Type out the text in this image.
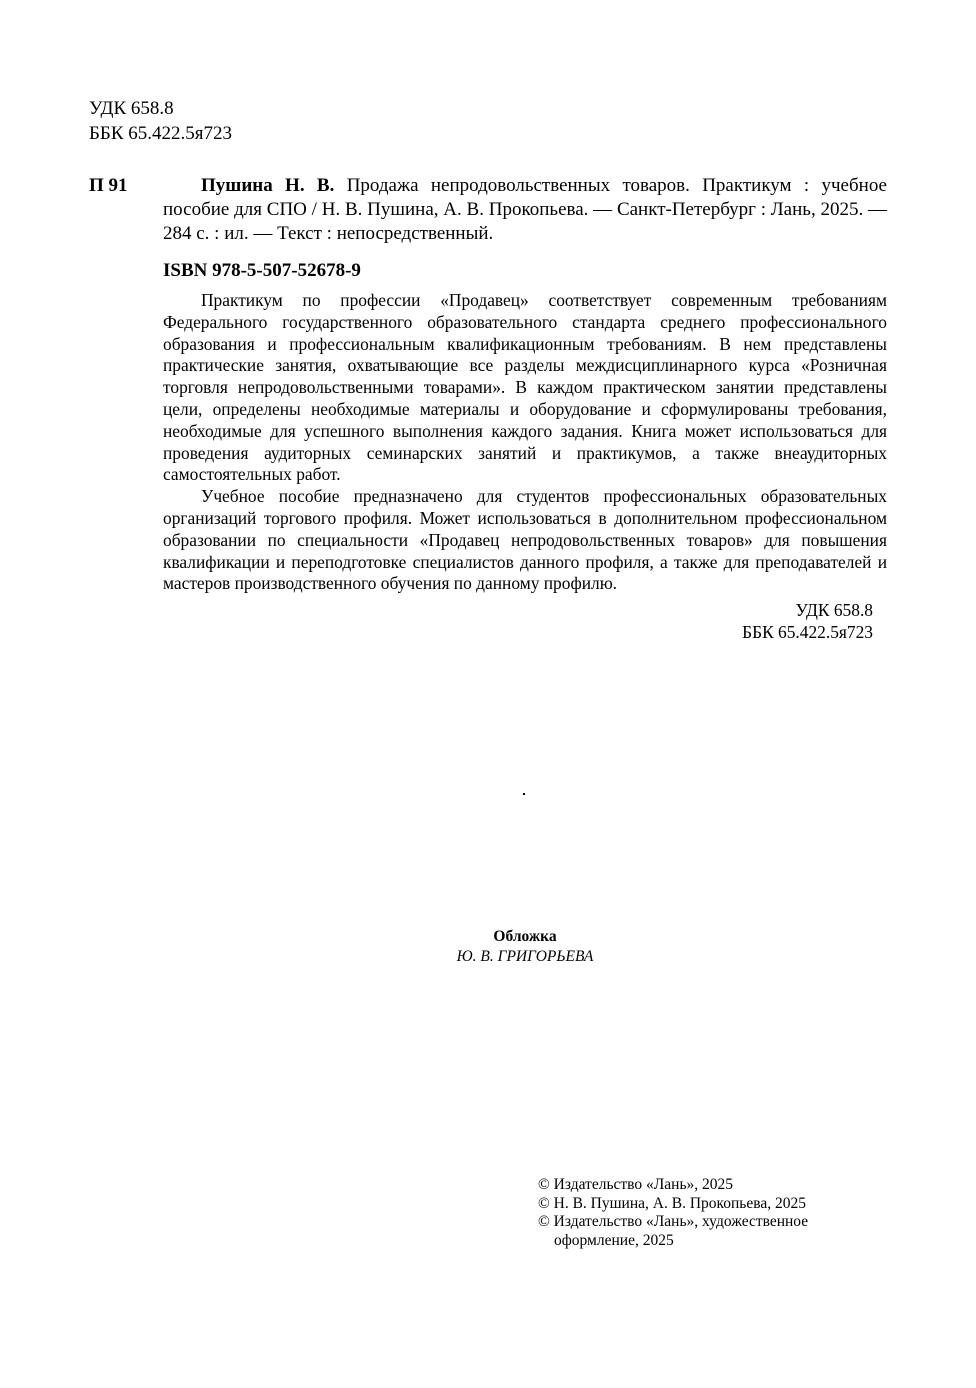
УДК 658.8
ББК 65.422.5я723
П 91	Пушина Н. В. Продажа непродовольственных товаров. Практикум : учебное пособие для СПО / Н. В. Пушина, А. В. Прокопьева. — Санкт-Петербург : Лань, 2025. — 284 с. : ил. — Текст : непосредственный.

ISBN 978-5-507-52678-9

Практикум по профессии «Продавец» соответствует современным требованиям Федерального государственного образовательного стандарта среднего профессионального образования и профессиональным квалификационным требованиям. В нем представлены практические занятия, охватывающие все разделы междисциплинарного курса «Розничная торговля непродовольственными товарами». В каждом практическом занятии представлены цели, определены необходимые материалы и оборудование и сформулированы требования, необходимые для успешного выполнения каждого задания. Книга может использоваться для проведения аудиторных семинарских занятий и практикумов, а также внеаудиторных самостоятельных работ.

Учебное пособие предназначено для студентов профессиональных образовательных организаций торгового профиля. Может использоваться в дополнительном профессиональном образовании по специальности «Продавец непродовольственных товаров» для повышения квалификации и переподготовке специалистов данного профиля, а также для преподавателей и мастеров производственного обучения по данному профилю.

УДК 658.8
ББК 65.422.5я723
Обложка
Ю. В. ГРИГОРЬЕВА
© Издательство «Лань», 2025
© Н. В. Пушина, А. В. Прокопьева, 2025
© Издательство «Лань», художественное оформление, 2025
